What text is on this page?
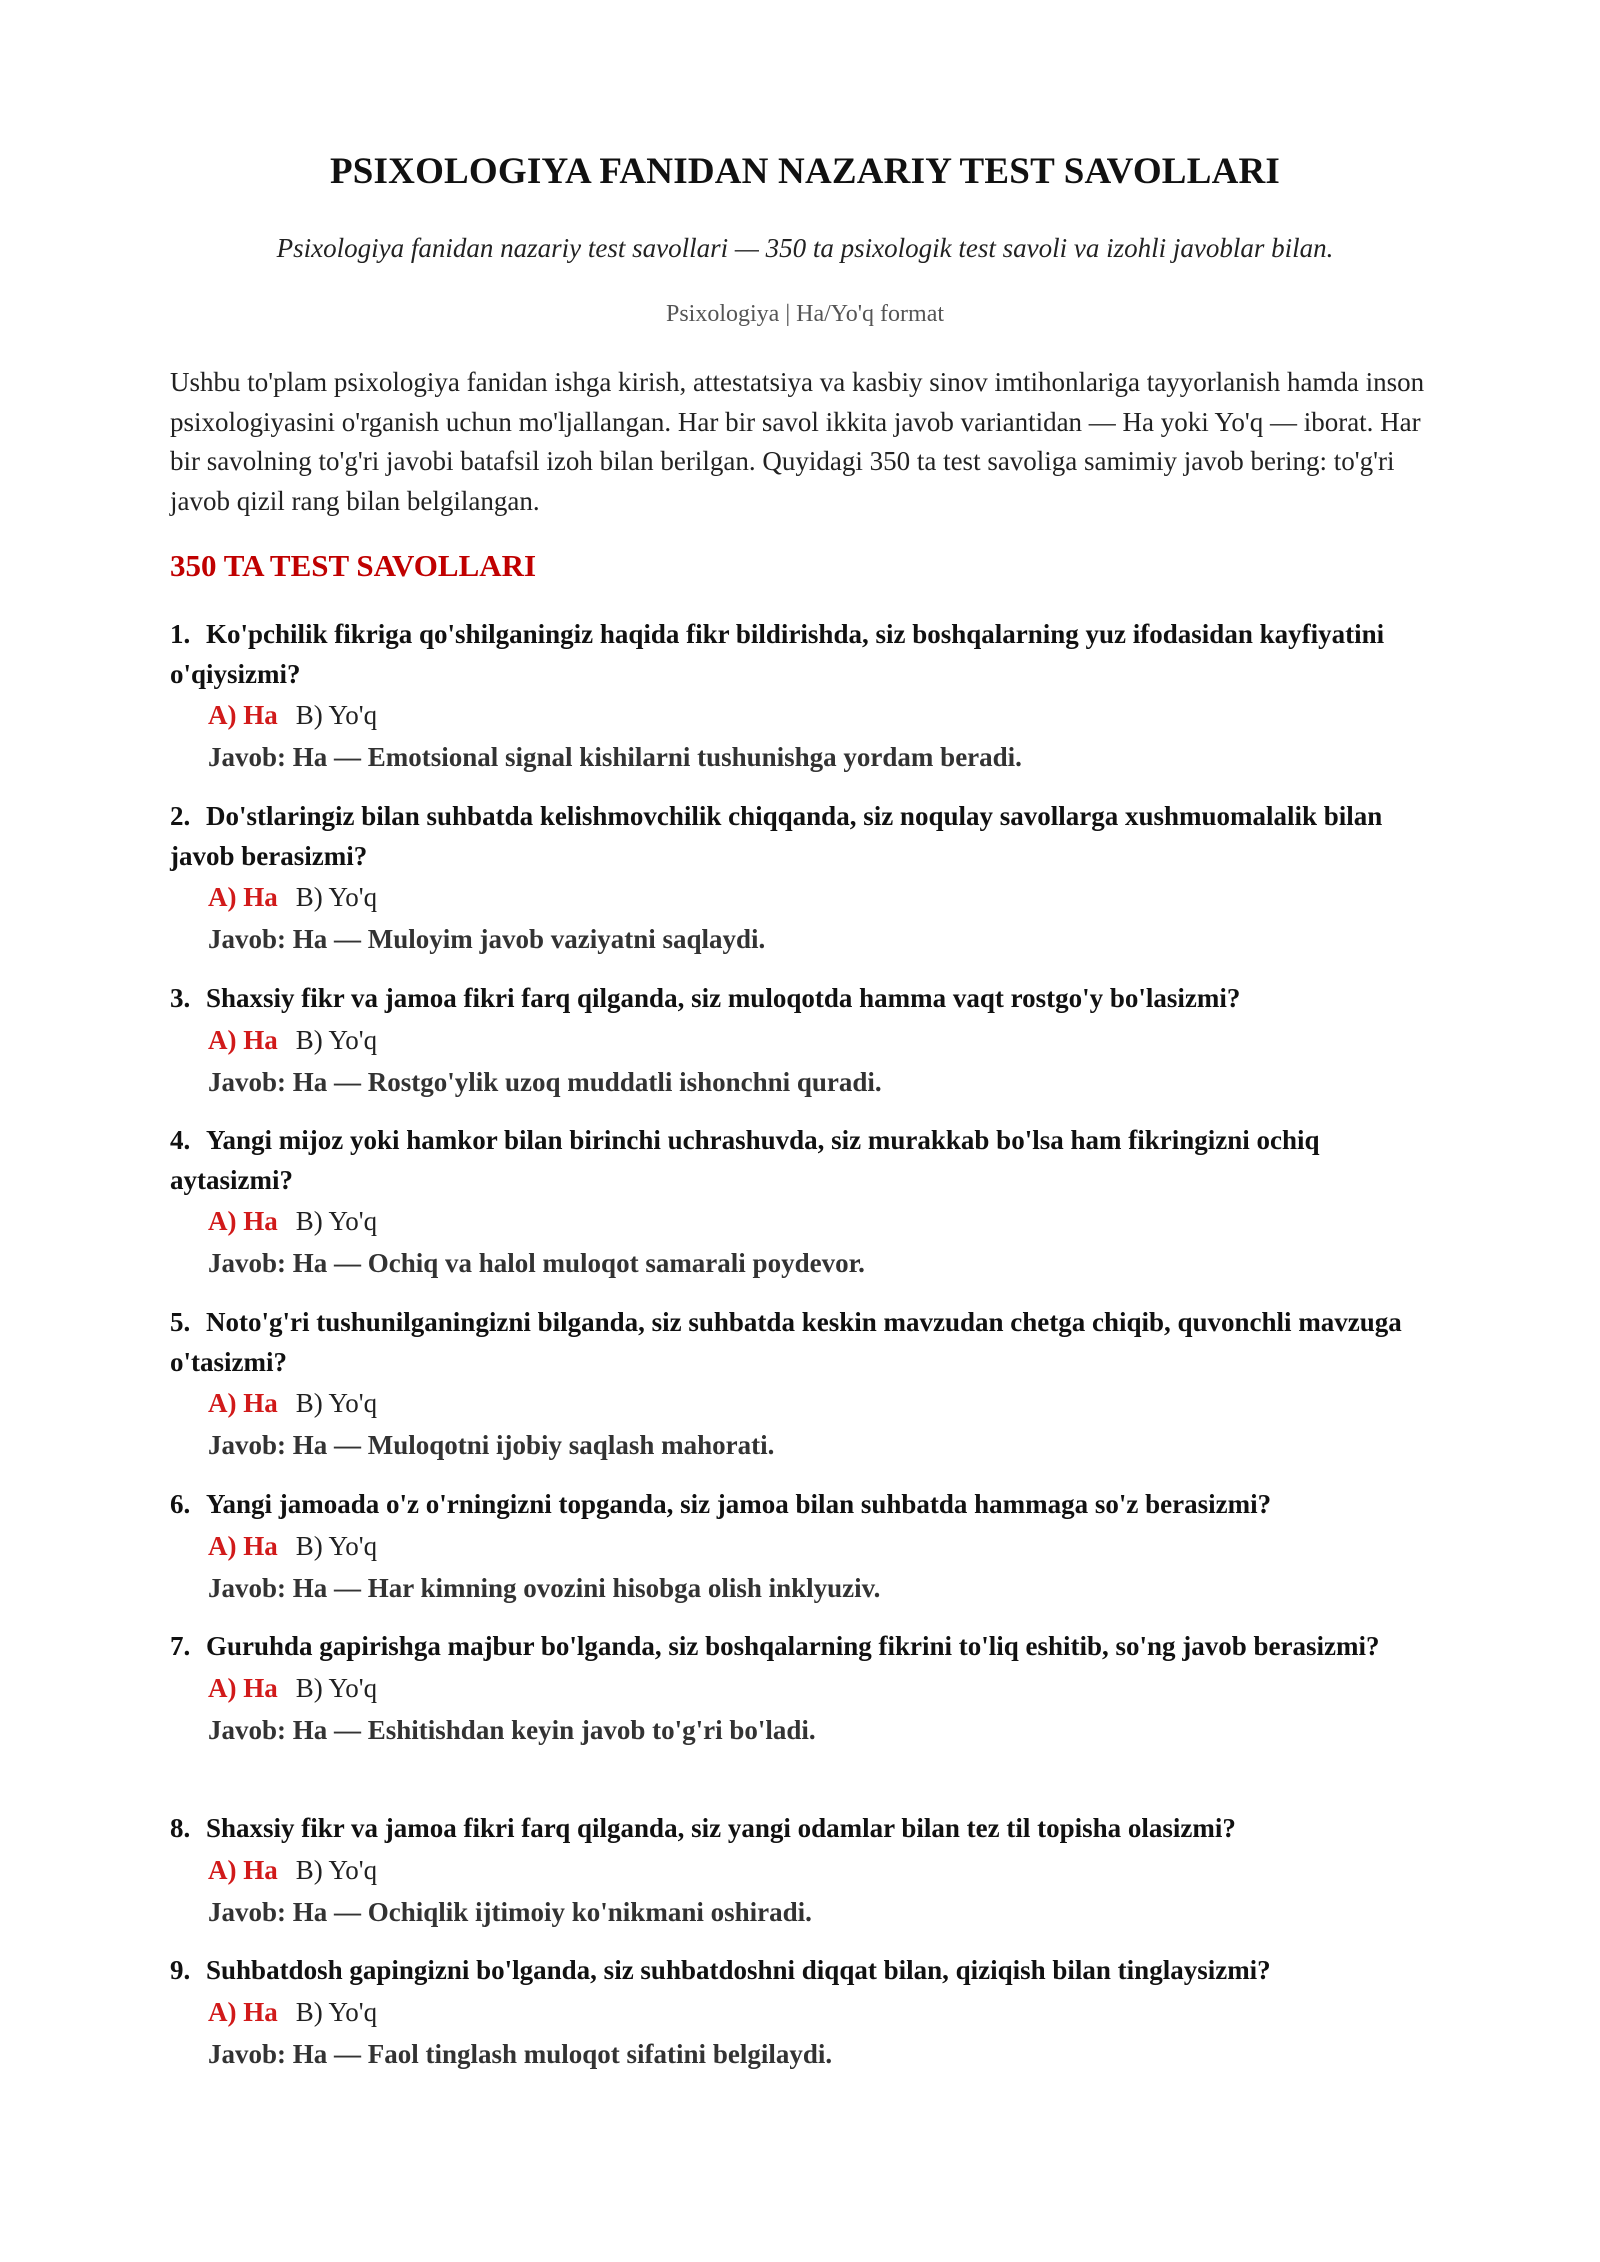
PSIXOLOGIYA FANIDAN NAZARIY TEST SAVOLLARI
Psixologiya fanidan nazariy test savollari — 350 ta psixologik test savoli va izohli javoblar bilan.
Psixologiya | Ha/Yo'q format
Ushbu to'plam psixologiya fanidan ishga kirish, attestatsiya va kasbiy sinov imtihonlariga tayyorlanish hamda inson psixologiyasini o'rganish uchun mo'ljallangan. Har bir savol ikkita javob variantidan — Ha yoki Yo'q — iborat. Har bir savolning to'g'ri javobi batafsil izoh bilan berilgan. Quyidagi 350 ta test savoliga samimiy javob bering: to'g'ri javob qizil rang bilan belgilangan.
350 TA TEST SAVOLLARI
1. Ko'pchilik fikriga qo'shilganingiz haqida fikr bildirishda, siz boshqalarning yuz ifodasidan kayfiyatini o'qiysizmi?
A) Ha B) Yo'q
Javob: Ha — Emotsional signal kishilarni tushunishga yordam beradi.
2. Do'stlaringiz bilan suhbatda kelishmovchilik chiqqanda, siz noqulay savollarga xushmuomalalik bilan javob berasizmi?
A) Ha B) Yo'q
Javob: Ha — Muloyim javob vaziyatni saqlaydi.
3. Shaxsiy fikr va jamoa fikri farq qilganda, siz muloqotda hamma vaqt rostgo'y bo'lasizmi?
A) Ha B) Yo'q
Javob: Ha — Rostgo'ylik uzoq muddatli ishonchni quradi.
4. Yangi mijoz yoki hamkor bilan birinchi uchrashuvda, siz murakkab bo'lsa ham fikringizni ochiq aytasizmi?
A) Ha B) Yo'q
Javob: Ha — Ochiq va halol muloqot samarali poydevor.
5. Noto'g'ri tushunilganingizni bilganda, siz suhbatda keskin mavzudan chetga chiqib, quvonchli mavzuga o'tasizmi?
A) Ha B) Yo'q
Javob: Ha — Muloqotni ijobiy saqlash mahorati.
6. Yangi jamoada o'z o'rningizni topganda, siz jamoa bilan suhbatda hammaga so'z berasizmi?
A) Ha B) Yo'q
Javob: Ha — Har kimning ovozini hisobga olish inklyuziv.
7. Guruhda gapirishga majbur bo'lganda, siz boshqalarning fikrini to'liq eshitib, so'ng javob berasizmi?
A) Ha B) Yo'q
Javob: Ha — Eshitishdan keyin javob to'g'ri bo'ladi.
8. Shaxsiy fikr va jamoa fikri farq qilganda, siz yangi odamlar bilan tez til topisha olasizmi?
A) Ha B) Yo'q
Javob: Ha — Ochiqlik ijtimoiy ko'nikmani oshiradi.
9. Suhbatdosh gapingizni bo'lganda, siz suhbatdoshni diqqat bilan, qiziqish bilan tinglaysizmi?
A) Ha B) Yo'q
Javob: Ha — Faol tinglash muloqot sifatini belgilaydi.
